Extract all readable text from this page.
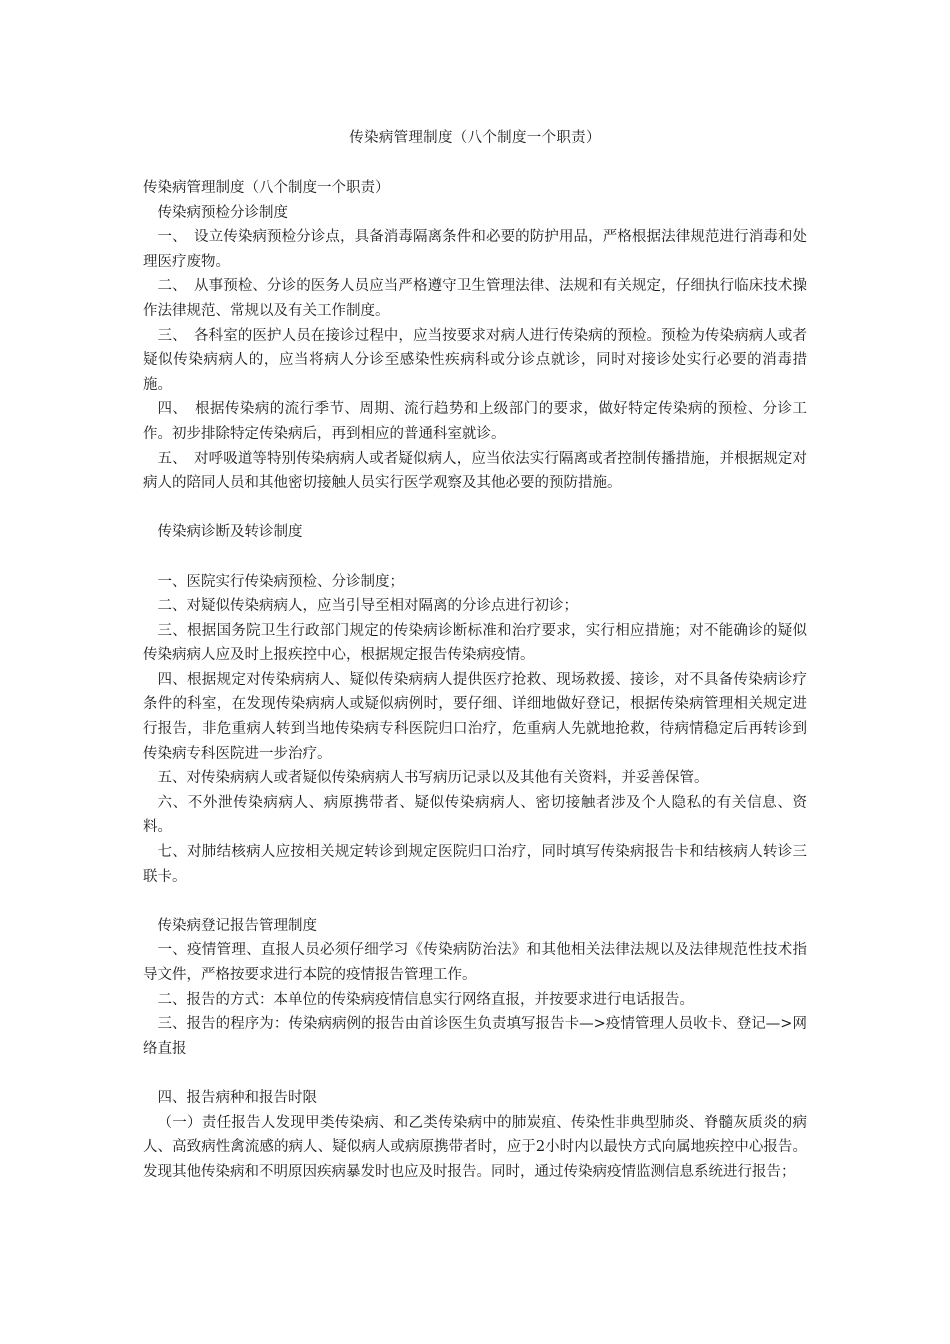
传染病管理制度（八个制度一个职责）

传染病管理制度（八个制度一个职责）

传染病预检分诊制度

一、　设立传染病预检分诊点，具备消毒隔离条件和必要的防护用品，严格根据法律规范进行消毒和处理医疗废物。

二、　从事预检、分诊的医务人员应当严格遵守卫生管理法律、法规和有关规定，仔细执行临床技术操作法律规范、常规以及有关工作制度。

三、　各科室的医护人员在接诊过程中，应当按要求对病人进行传染病的预检。预检为传染病病人或者疑似传染病病人的，应当将病人分诊至感染性疾病科或分诊点就诊，同时对接诊处实行必要的消毒措施。

四、　根据传染病的流行季节、周期、流行趋势和上级部门的要求，做好特定传染病的预检、分诊工作。初步排除特定传染病后，再到相应的普通科室就诊。

五、　对呼吸道等特别传染病病人或者疑似病人，应当依法实行隔离或者控制传播措施，并根据规定对病人的陪同人员和其他密切接触人员实行医学观察及其他必要的预防措施。

传染病诊断及转诊制度

一、医院实行传染病预检、分诊制度；

二、对疑似传染病病人，应当引导至相对隔离的分诊点进行初诊；

三、根据国务院卫生行政部门规定的传染病诊断标准和治疗要求，实行相应措施；对不能确诊的疑似传染病病人应及时上报疾控中心，根据规定报告传染病疫情。

四、根据规定对传染病病人、疑似传染病病人提供医疗抢救、现场救援、接诊，对不具备传染病诊疗条件的科室，在发现传染病病人或疑似病例时，要仔细、详细地做好登记，根据传染病管理相关规定进行报告，非危重病人转到当地传染病专科医院归口治疗，危重病人先就地抢救，待病情稳定后再转诊到传染病专科医院进一步治疗。

五、对传染病病人或者疑似传染病病人书写病历记录以及其他有关资料，并妥善保管。

六、不外泄传染病病人、病原携带者、疑似传染病病人、密切接触者涉及个人隐私的有关信息、资料。

七、对肺结核病人应按相关规定转诊到规定医院归口治疗，同时填写传染病报告卡和结核病人转诊三联卡。

传染病登记报告管理制度

一、疫情管理、直报人员必须仔细学习《传染病防治法》和其他相关法律法规以及法律规范性技术指导文件，严格按要求进行本院的疫情报告管理工作。

二、报告的方式：本单位的传染病疫情信息实行网络直报，并按要求进行电话报告。

三、报告的程序为：传染病病例的报告由首诊医生负责填写报告卡—>疫情管理人员收卡、登记—>网络直报

四、报告病种和报告时限

（一）责任报告人发现甲类传染病、和乙类传染病中的肺炭疽、传染性非典型肺炎、脊髓灰质炎的病人、高致病性禽流感的病人、疑似病人或病原携带者时，应于2小时内以最快方式向属地疾控中心报告。发现其他传染病和不明原因疾病暴发时也应及时报告。同时，通过传染病疫情监测信息系统进行报告；
